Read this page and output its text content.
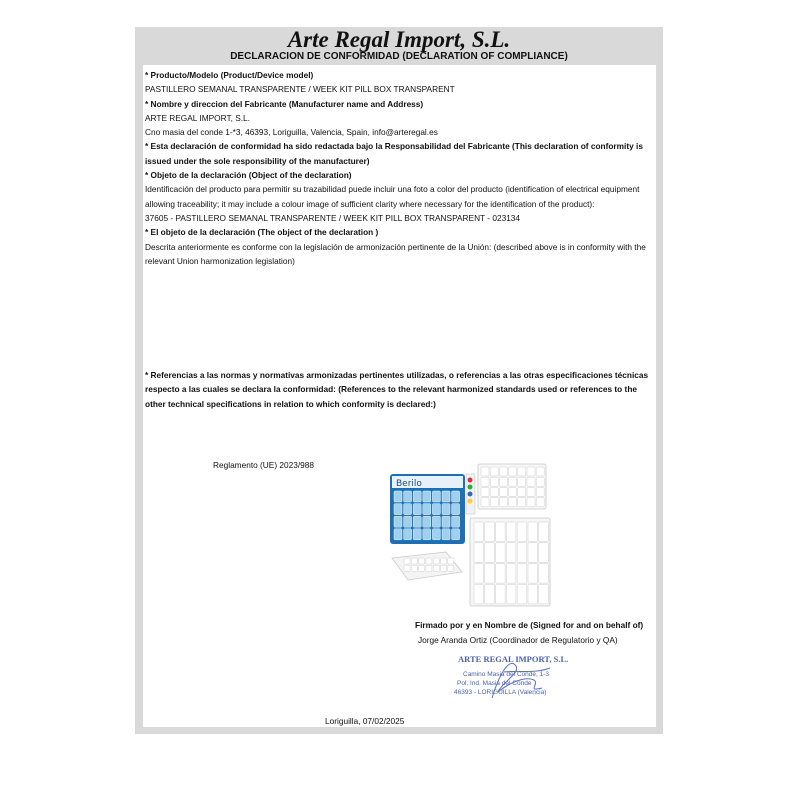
Arte Regal Import, S.L.
DECLARACION DE CONFORMIDAD (DECLARATION OF COMPLIANCE)

* Producto/Modelo (Product/Device model)

PASTILLERO SEMANAL TRANSPARENTE / WEEK KIT PILL BOX TRANSPARENT

* Nombre y direccion del Fabricante (Manufacturer name and Address)

ARTE REGAL IMPORT, S.L.

Cno masia del conde 1-*3, 46393, Loriguilla, Valencia, Spain, info@arteregal.es

* Esta declaración de conformidad ha sido redactada bajo la Responsabilidad del Fabricante (This declaration of conformity is issued under the sole responsibility of the manufacturer)

* Objeto de la declaración (Object of the declaration)

Identificación del producto para permitir su trazabilidad puede incluir una foto a color del producto (identification of electrical equipment allowing traceability; it may include a colour image of sufficient clarity where necessary for the identification of the product):

37605 - PASTILLERO SEMANAL TRANSPARENTE / WEEK KIT PILL BOX TRANSPARENT - 023134

* El objeto de la declaración (The object of the declaration )

Descrita anteriormente es conforme con la legislación de armonización pertinente de la Unión: (described above is in conformity with the relevant Union harmonization legislation)

* Referencias a las normas y normativas armonizadas pertinentes utilizadas, o referencias a las otras especificaciones técnicas respecto a las cuales se declara la conformidad: (References to the relevant harmonized standards used or references to the other technical specifications in relation to which conformity is declared:)

Reglamento (UE) 2023/988
Berilo
Firmado por y en Nombre de (Signed for and on behalf of)
Jorge Aranda Ortiz (Coordinador de Regulatorio y QA)
ARTE REGAL IMPORT, S.L.
Camino Masia del Conde, 1-3
Pol. Ind. Masia del Conde
46393 - LORIGUILLA (Valencia)
Loriguilla, 07/02/2025
